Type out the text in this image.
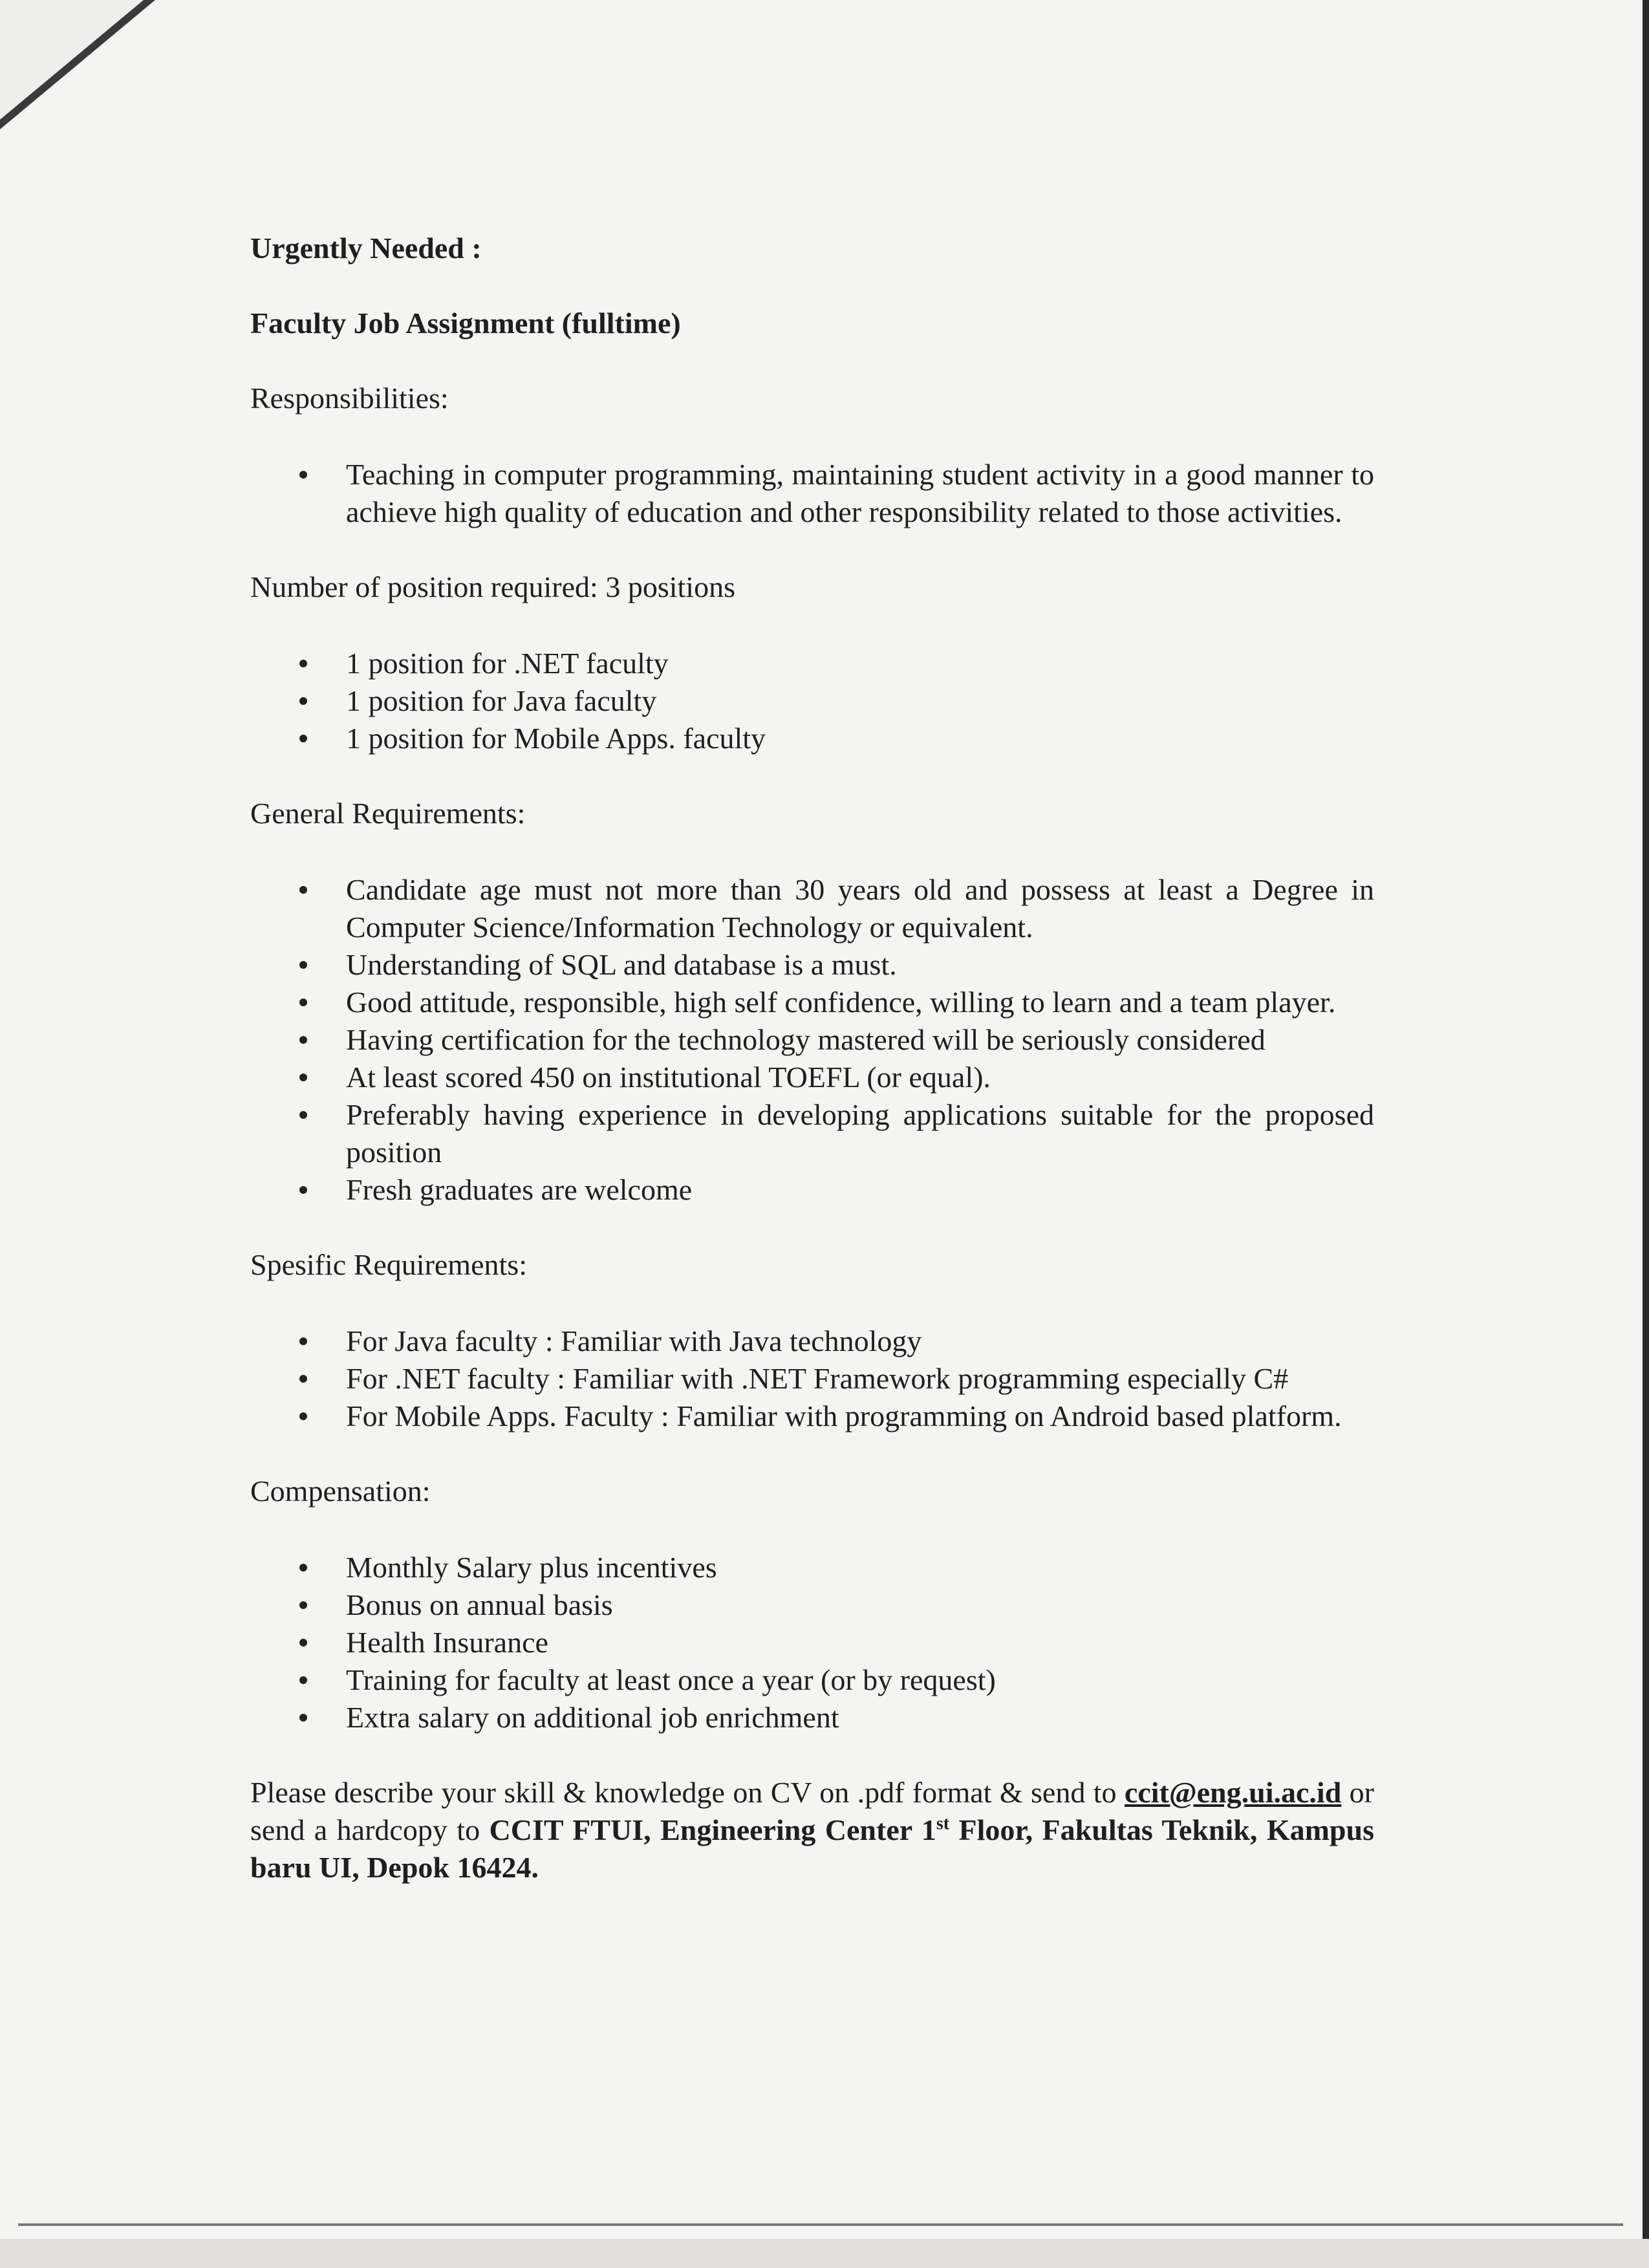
Urgently Needed :

Faculty Job Assignment (fulltime)

Responsibilities:

Teaching in computer programming, maintaining student activity in a good manner to achieve high quality of education and other responsibility related to those activities.

Number of position required: 3 positions

1 position for .NET faculty
1 position for Java faculty
1 position for Mobile Apps. faculty

General Requirements:

Candidate age must not more than 30 years old and possess at least a Degree in Computer Science/Information Technology or equivalent.
Understanding of SQL and database is a must.
Good attitude, responsible, high self confidence, willing to learn and a team player.
Having certification for the technology mastered will be seriously considered
At least scored 450 on institutional TOEFL (or equal).
Preferably having experience in developing applications suitable for the proposed position
Fresh graduates are welcome

Spesific Requirements:

For Java faculty : Familiar with Java technology
For .NET faculty : Familiar with .NET Framework programming especially C#
For Mobile Apps. Faculty : Familiar with programming on Android based platform.

Compensation:

Monthly Salary plus incentives
Bonus on annual basis
Health Insurance
Training for faculty at least once a year (or by request)
Extra salary on additional job enrichment

Please describe your skill & knowledge on CV on .pdf format & send to ccit@eng.ui.ac.id or send a hardcopy to CCIT FTUI, Engineering Center 1st Floor, Fakultas Teknik, Kampus baru UI, Depok 16424.
